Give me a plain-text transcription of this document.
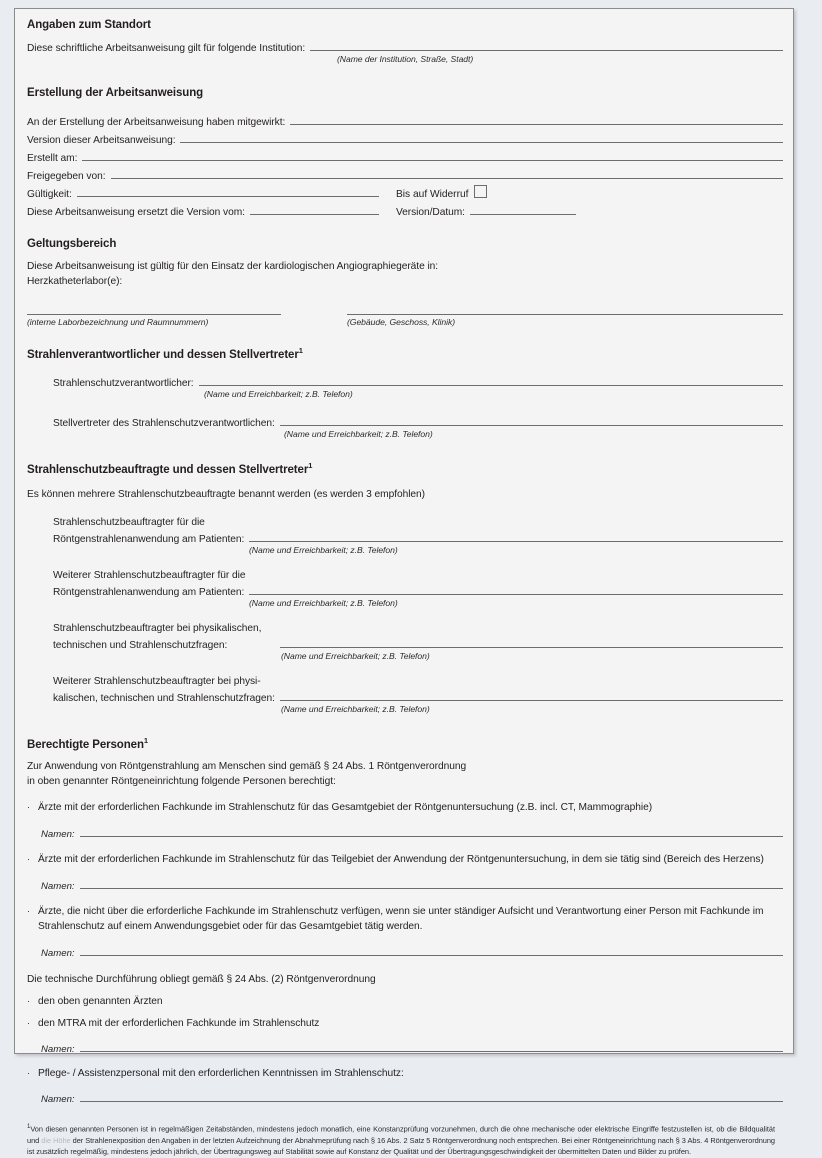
Angaben zum Standort
Diese schriftliche Arbeitsanweisung gilt für folgende Institution:
(Name der Institution, Straße, Stadt)
Erstellung der Arbeitsanweisung
An der Erstellung der Arbeitsanweisung haben mitgewirkt:
Version dieser Arbeitsanweisung:
Erstellt am:
Freigegeben von:
Gültigkeit:	Bis auf Widerruf
Diese Arbeitsanweisung ersetzt die Version vom:	Version/Datum:
Geltungsbereich
Diese Arbeitsanweisung ist gültig für den Einsatz der kardiologischen Angiographiegeräte in:
Herzkatheterlabor(e):
(interne Laborbezeichnung und Raumnummern)	(Gebäude, Geschoss, Klinik)
Strahlenverantwortlicher und dessen Stellvertreter$^1$
Strahlenschutzverantwortlicher:
(Name und Erreichbarkeit; z.B. Telefon)
Stellvertreter des Strahlenschutzverantwortlichen:
(Name und Erreichbarkeit; z.B. Telefon)
Strahlenschutzbeauftragte und dessen Stellvertreter$^1$
Es können mehrere Strahlenschutzbeauftragte benannt werden (es werden 3 empfohlen)
Strahlenschutzbeauftragter für die
Röntgenstrahlenanwendung am Patienten:
(Name und Erreichbarkeit; z.B. Telefon)
Weiterer Strahlenschutzbeauftragter für die
Röntgenstrahlenanwendung am Patienten:
(Name und Erreichbarkeit; z.B. Telefon)
Strahlenschutzbeauftragter bei physikalischen,
technischen und Strahlenschutzfragen:
(Name und Erreichbarkeit; z.B. Telefon)
Weiterer Strahlenschutzbeauftragter bei physi-
kalischen, technischen und Strahlenschutzfragen:
(Name und Erreichbarkeit; z.B. Telefon)
Berechtigte Personen$^1$
Zur Anwendung von Röntgenstrahlung am Menschen sind gemäß § 24 Abs. 1 Röntgenverordnung
in oben genannter Röntgeneinrichtung folgende Personen berechtigt:
· Ärzte mit der erforderlichen Fachkunde im Strahlenschutz für das Gesamtgebiet der Röntgenuntersuchung (z.B. incl. CT, Mammographie)
Namen:
· Ärzte mit der erforderlichen Fachkunde im Strahlenschutz für das Teilgebiet der Anwendung der Röntgenuntersuchung, in dem sie tätig sind (Bereich des Herzens)
Namen:
· Ärzte, die nicht über die erforderliche Fachkunde im Strahlenschutz verfügen, wenn sie unter ständiger Aufsicht und Verantwortung einer Person mit Fachkunde im
Strahlenschutz auf einem Anwendungsgebiet oder für das Gesamtgebiet tätig werden.
Namen:
Die technische Durchführung obliegt gemäß § 24 Abs. (2) Röntgenverordnung
· den oben genannten Ärzten
· den MTRA mit der erforderlichen Fachkunde im Strahlenschutz
Namen:
· Pflege- / Assistenzpersonal mit den erforderlichen Kenntnissen im Strahlenschutz:
Namen:
$^1$Von diesen genannten Personen ist in regelmäßigen Zeitabständen, mindestens jedoch monatlich, eine Konstanzprüfung vorzunehmen, durch die ohne mechanische oder elektrische Eingriffe festzustellen ist, ob die Bildqualität und die Höhe der Strahlenexposition den Angaben in der letzten Aufzeichnung der Abnahmeprüfung nach § 16 Abs. 2 Satz 5 Röntgenverordnung noch entsprechen. Bei einer Röntgeneinrichtung nach § 3 Abs. 4 Röntgenverordnung ist zusätzlich regelmäßig, mindestens jedoch jährlich, der Übertragungsweg auf Stabilität sowie auf Konstanz der Qualität und der Übertragungsgeschwindigkeit der übermittelten Daten und Bilder zu prüfen.
